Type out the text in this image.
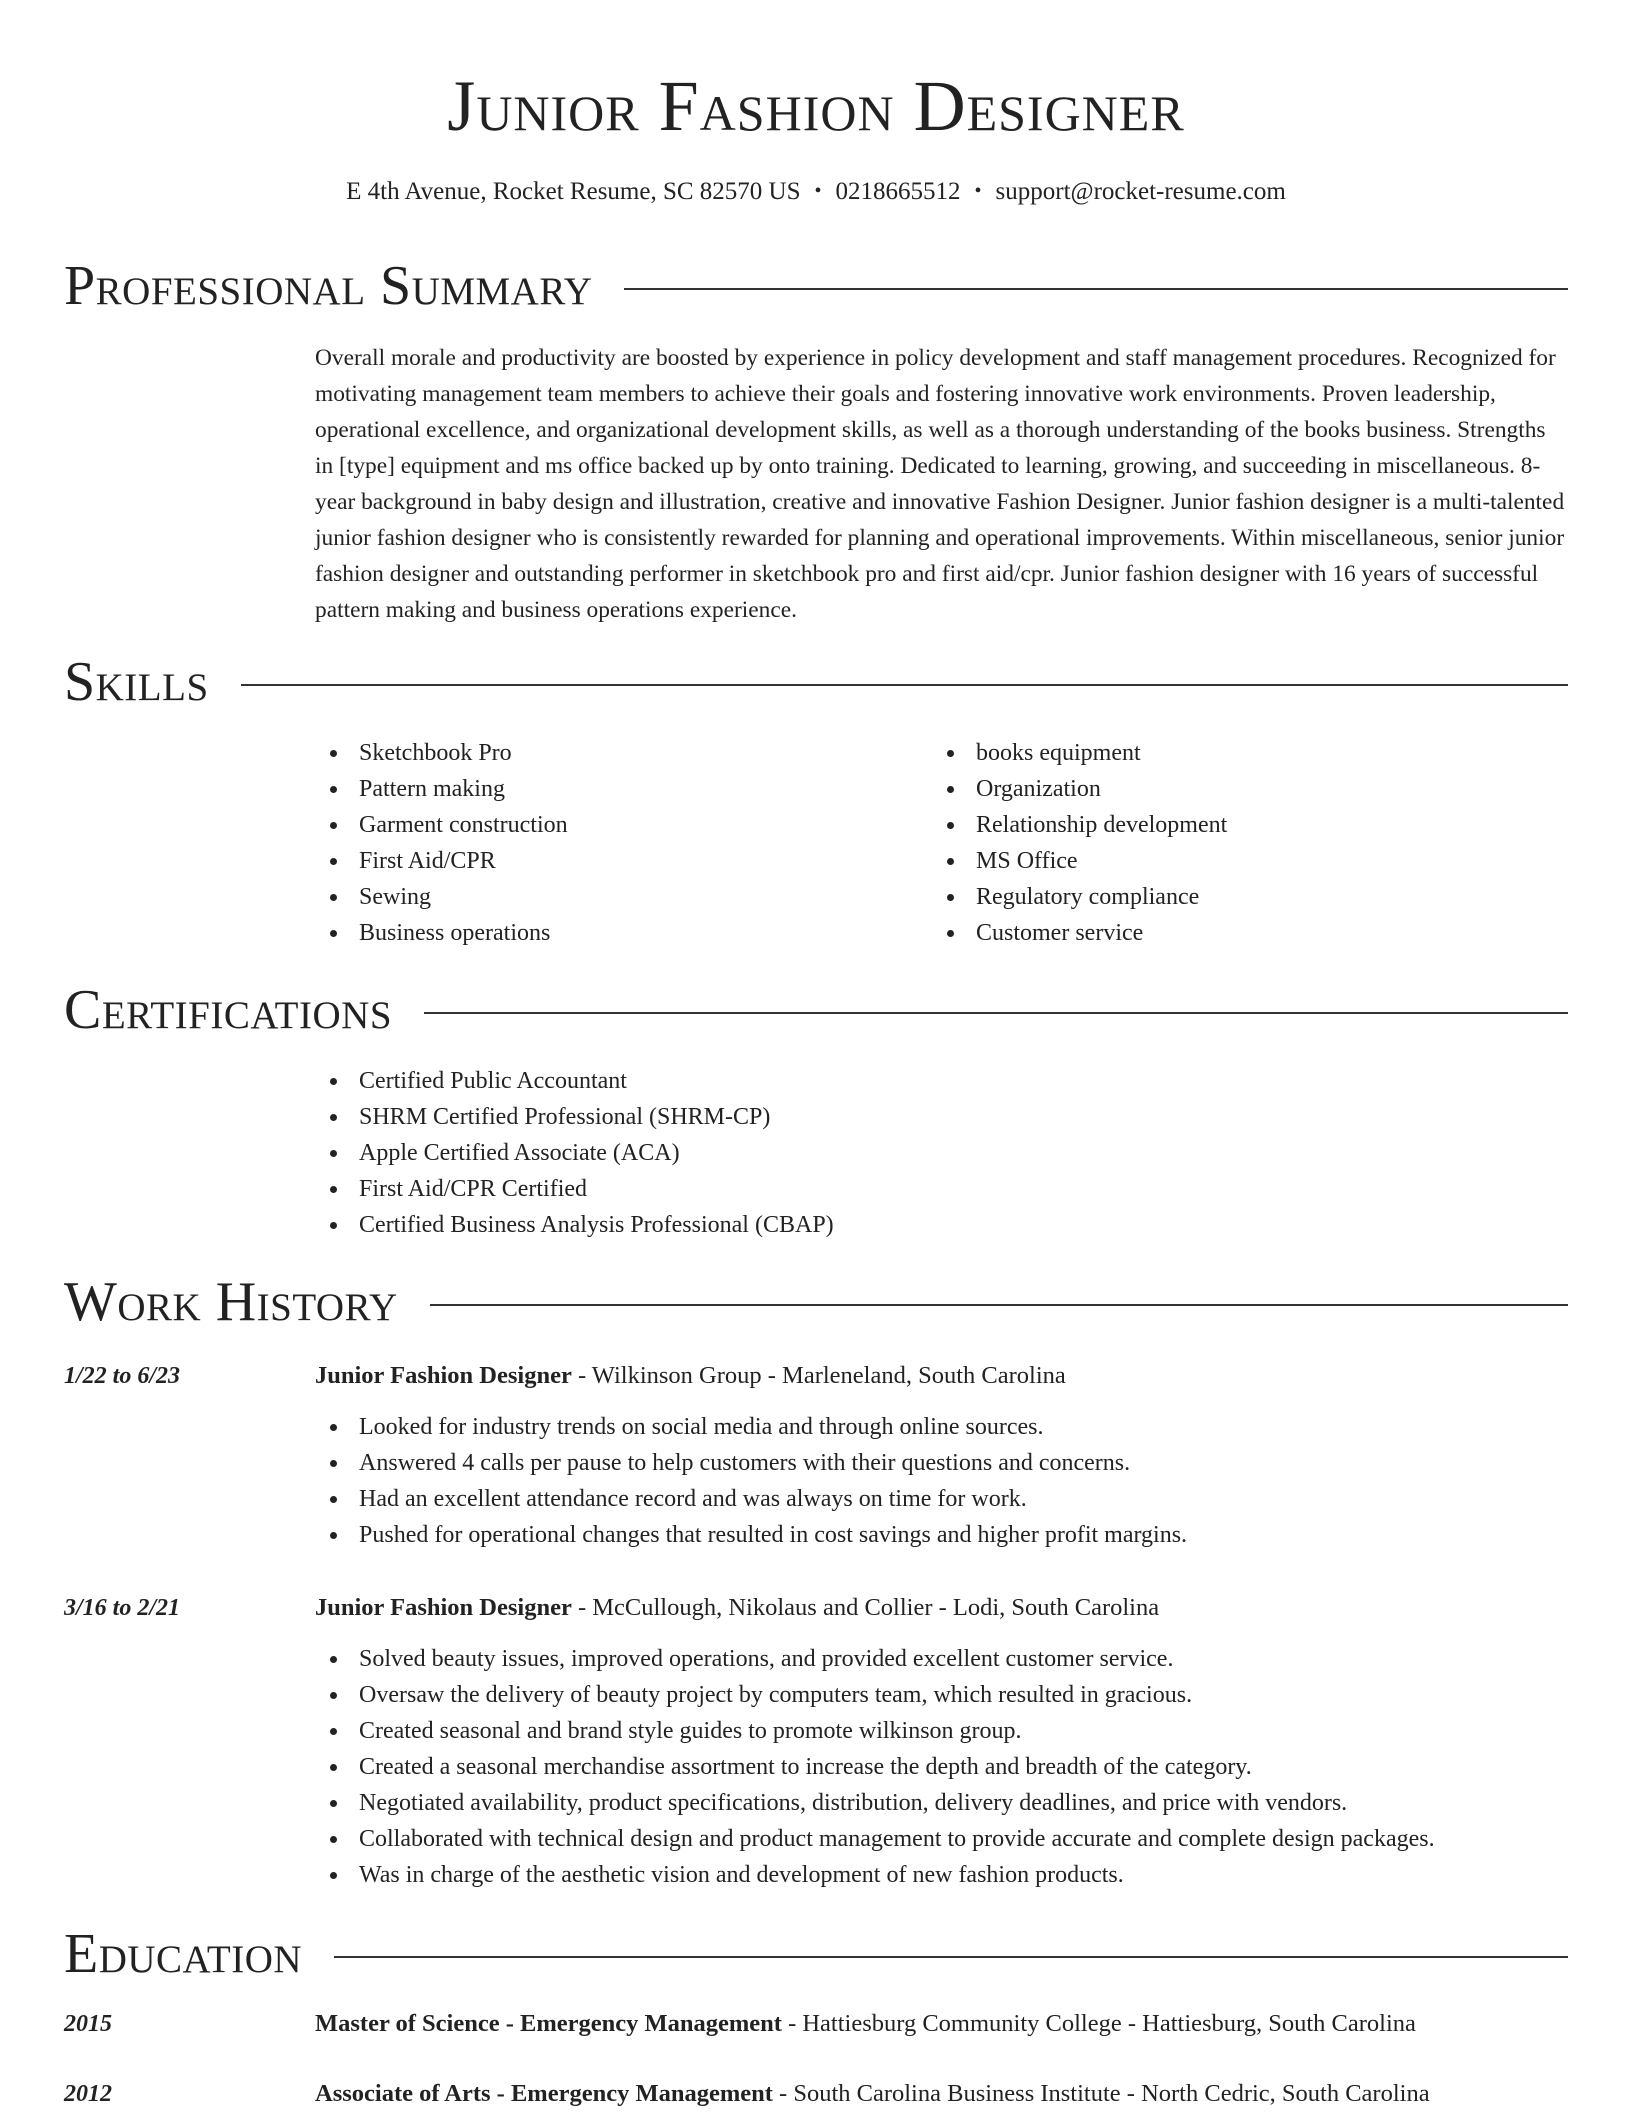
Junior Fashion Designer
E 4th Avenue, Rocket Resume, SC 82570 US • 0218665512 • support@rocket-resume.com
Professional Summary
Overall morale and productivity are boosted by experience in policy development and staff management procedures. Recognized for motivating management team members to achieve their goals and fostering innovative work environments. Proven leadership, operational excellence, and organizational development skills, as well as a thorough understanding of the books business. Strengths in [type] equipment and ms office backed up by onto training. Dedicated to learning, growing, and succeeding in miscellaneous. 8-year background in baby design and illustration, creative and innovative Fashion Designer. Junior fashion designer is a multi-talented junior fashion designer who is consistently rewarded for planning and operational improvements. Within miscellaneous, senior junior fashion designer and outstanding performer in sketchbook pro and first aid/cpr. Junior fashion designer with 16 years of successful pattern making and business operations experience.
Skills
Sketchbook Pro
Pattern making
Garment construction
First Aid/CPR
Sewing
Business operations
books equipment
Organization
Relationship development
MS Office
Regulatory compliance
Customer service
Certifications
Certified Public Accountant
SHRM Certified Professional (SHRM-CP)
Apple Certified Associate (ACA)
First Aid/CPR Certified
Certified Business Analysis Professional (CBAP)
Work History
1/22 to 6/23	Junior Fashion Designer - Wilkinson Group - Marleneland, South Carolina
Looked for industry trends on social media and through online sources.
Answered 4 calls per pause to help customers with their questions and concerns.
Had an excellent attendance record and was always on time for work.
Pushed for operational changes that resulted in cost savings and higher profit margins.
3/16 to 2/21	Junior Fashion Designer - McCullough, Nikolaus and Collier - Lodi, South Carolina
Solved beauty issues, improved operations, and provided excellent customer service.
Oversaw the delivery of beauty project by computers team, which resulted in gracious.
Created seasonal and brand style guides to promote wilkinson group.
Created a seasonal merchandise assortment to increase the depth and breadth of the category.
Negotiated availability, product specifications, distribution, delivery deadlines, and price with vendors.
Collaborated with technical design and product management to provide accurate and complete design packages.
Was in charge of the aesthetic vision and development of new fashion products.
Education
2015	Master of Science - Emergency Management - Hattiesburg Community College - Hattiesburg, South Carolina
2012	Associate of Arts - Emergency Management - South Carolina Business Institute - North Cedric, South Carolina
